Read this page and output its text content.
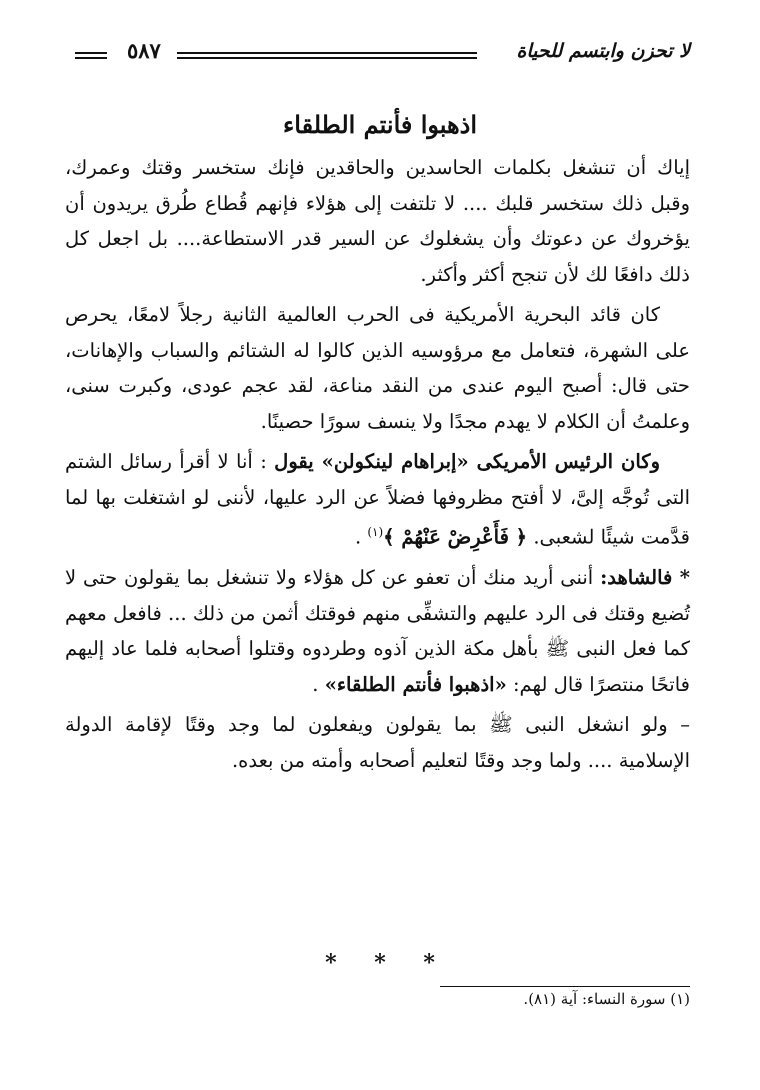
لا تحزن وابتسم للحياة
٥٨٧
اذهبوا فأنتم الطلقاء

إياك أن تنشغل بكلمات الحاسدين والحاقدين فإنك ستخسر وقتك وعمرك، وقبل ذلك ستخسر قلبك .... لا تلتفت إلى هؤلاء فإنهم قُطاع طُرق يريدون أن يؤخروك عن دعوتك وأن يشغلوك عن السير قدر الاستطاعة.... بل اجعل كل ذلك دافعًا لك لأن تنجح أكثر وأكثر.

كان قائد البحرية الأمريكية فى الحرب العالمية الثانية رجلاً لامعًا، يحرص على الشهرة، فتعامل مع مرؤوسيه الذين كالوا له الشتائم والسباب والإهانات، حتى قال: أصبح اليوم عندى من النقد مناعة، لقد عجم عودى، وكبرت سنى، وعلمتُ أن الكلام لا يهدم مجدًا ولا ينسف سورًا حصينًا.

وكان الرئيس الأمريكى «إبراهام لينكولن» يقول : أنا لا أقرأ رسائل الشتم التى تُوجَّه إلىَّ، لا أفتح مظروفها فضلاً عن الرد عليها، لأننى لو اشتغلت بها لما قدَّمت شيئًا لشعبى. ﴿ فَأَعْرِضْ عَنْهُمْ ﴾$^{(١)}$ .

* فالشاهد: أننى أريد منك أن تعفو عن كل هؤلاء ولا تنشغل بما يقولون حتى لا تُضيع وقتك فى الرد عليهم والتشفِّى منهم فوقتك أثمن من ذلك ... فافعل معهم كما فعل النبى ﷺ بأهل مكة الذين آذوه وطردوه وقتلوا أصحابه فلما عاد إليهم فاتحًا منتصرًا قال لهم: «اذهبوا فأنتم الطلقاء» .

– ولو انشغل النبى ﷺ بما يقولون ويفعلون لما وجد وقتًا لإقامة الدولة الإسلامية .... ولما وجد وقتًا لتعليم أصحابه وأمته من بعده.

* * *
(١) سورة النساء: آية (٨١).
